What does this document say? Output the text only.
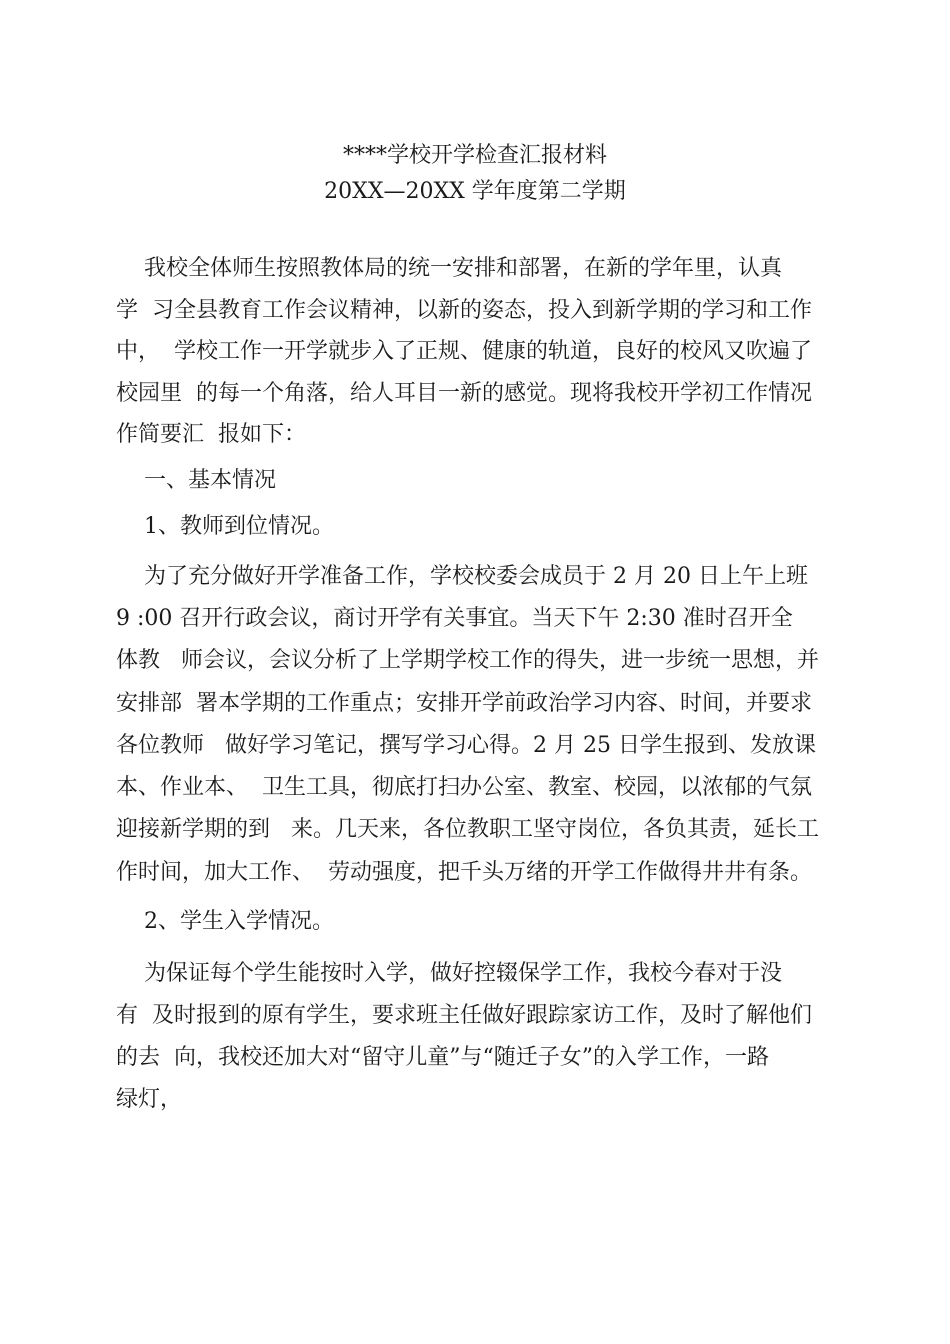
****学校开学检查汇报材料
20XX—20XX 学年度第二学期
我校全体师生按照教体局的统一安排和部署，在新的学年里，认真
学  习全县教育工作会议精神，以新的姿态，投入到新学期的学习和工作
中，  学校工作一开学就步入了正规、健康的轨道，良好的校风又吹遍了
校园里  的每一个角落，给人耳目一新的感觉。现将我校开学初工作情况
作简要汇  报如下：
一、基本情况
1、教师到位情况。
为了充分做好开学准备工作，学校校委会成员于 2 月 20 日上午上班
9 :00 召开行政会议，商讨开学有关事宜。当天下午 2:30 准时召开全
体教   师会议，会议分析了上学期学校工作的得失，进一步统一思想，并
安排部  署本学期的工作重点；安排开学前政治学习内容、时间，并要求
各位教师   做好学习笔记，撰写学习心得。2 月 25 日学生报到、发放课
本、作业本、  卫生工具，彻底打扫办公室、教室、校园，以浓郁的气氛
迎接新学期的到   来。几天来，各位教职工坚守岗位，各负其责，延长工
作时间，加大工作、  劳动强度，把千头万绪的开学工作做得井井有条。
2、学生入学情况。
为保证每个学生能按时入学，做好控辍保学工作，我校今春对于没
有  及时报到的原有学生，要求班主任做好跟踪家访工作，及时了解他们
的去  向，我校还加大对“留守儿童”与“随迁子女”的入学工作，一路
绿灯，
